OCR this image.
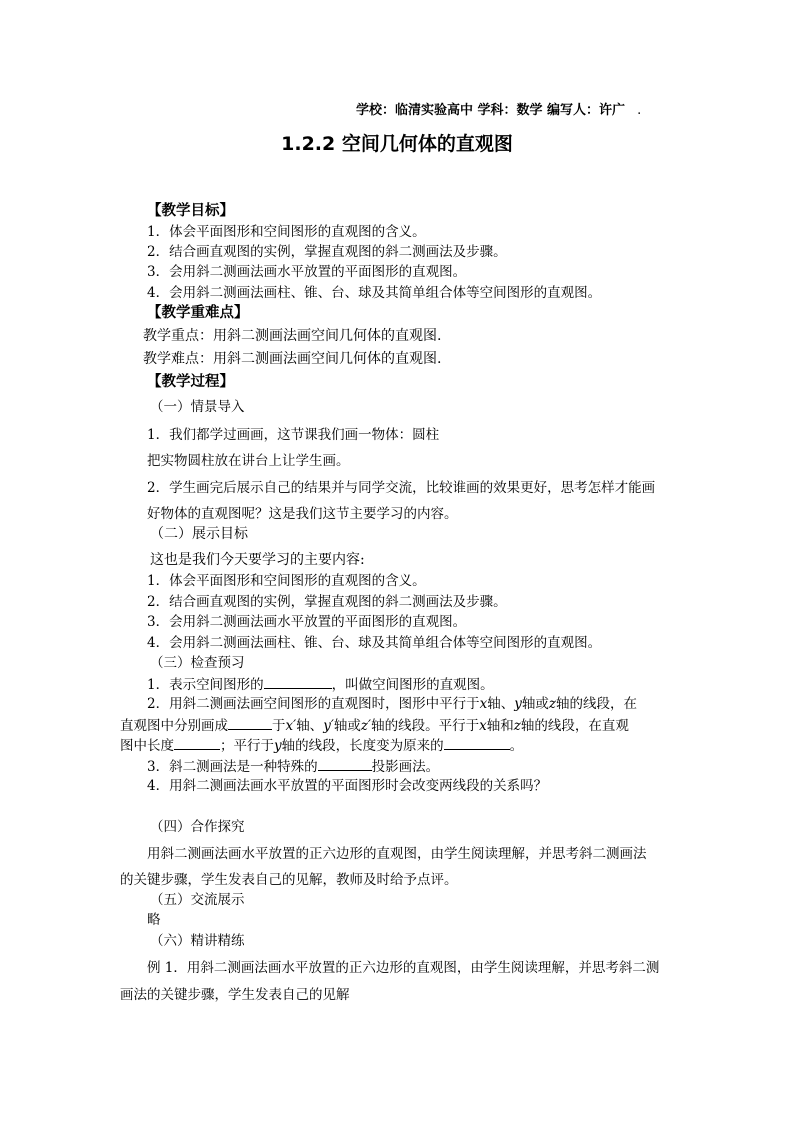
学校：临清实验高中 学科：数学 编写人：许广 .
1.2.2 空间几何体的直观图
【教学目标】
1．体会平面图形和空间图形的直观图的含义。
2．结合画直观图的实例，掌握直观图的斜二测画法及步骤。
3．会用斜二测画法画水平放置的平面图形的直观图。
4．会用斜二测画法画柱、锥、台、球及其简单组合体等空间图形的直观图。
【教学重难点】
教学重点：用斜二测画法画空间几何体的直观图.
教学难点：用斜二测画法画空间几何体的直观图.
【教学过程】
（一）情景导入
1．我们都学过画画，这节课我们画一物体：圆柱
把实物圆柱放在讲台上让学生画。
2．学生画完后展示自己的结果并与同学交流，比较谁画的效果更好，思考怎样才能画
好物体的直观图呢？这是我们这节主要学习的内容。
（二）展示目标
这也是我们今天要学习的主要内容:
1．体会平面图形和空间图形的直观图的含义。
2．结合画直观图的实例，掌握直观图的斜二测画法及步骤。
3．会用斜二测画法画水平放置的平面图形的直观图。
4．会用斜二测画法画柱、锥、台、球及其简单组合体等空间图形的直观图。
（三）检查预习
1．表示空间图形的	，叫做空间图形的直观图。
2．用斜二测画法画空间图形的直观图时，图形中平行于x轴、y轴或z轴的线段，在
直观图中分别画成	于x′轴、y′轴或z′轴的线段。平行于x轴和z轴的线段，在直观
图中长度	；平行于y轴的线段，长度变为原来的	。
3．斜二测画法是一种特殊的	投影画法。
4．用斜二测画法画水平放置的平面图形时会改变两线段的关系吗？
（四）合作探究
用斜二测画法画水平放置的正六边形的直观图，由学生阅读理解，并思考斜二测画法
的关键步骤，学生发表自己的见解，教师及时给予点评。
（五）交流展示
略
（六）精讲精练
例 1．用斜二测画法画水平放置的正六边形的直观图，由学生阅读理解，并思考斜二测
画法的关键步骤，学生发表自己的见解
